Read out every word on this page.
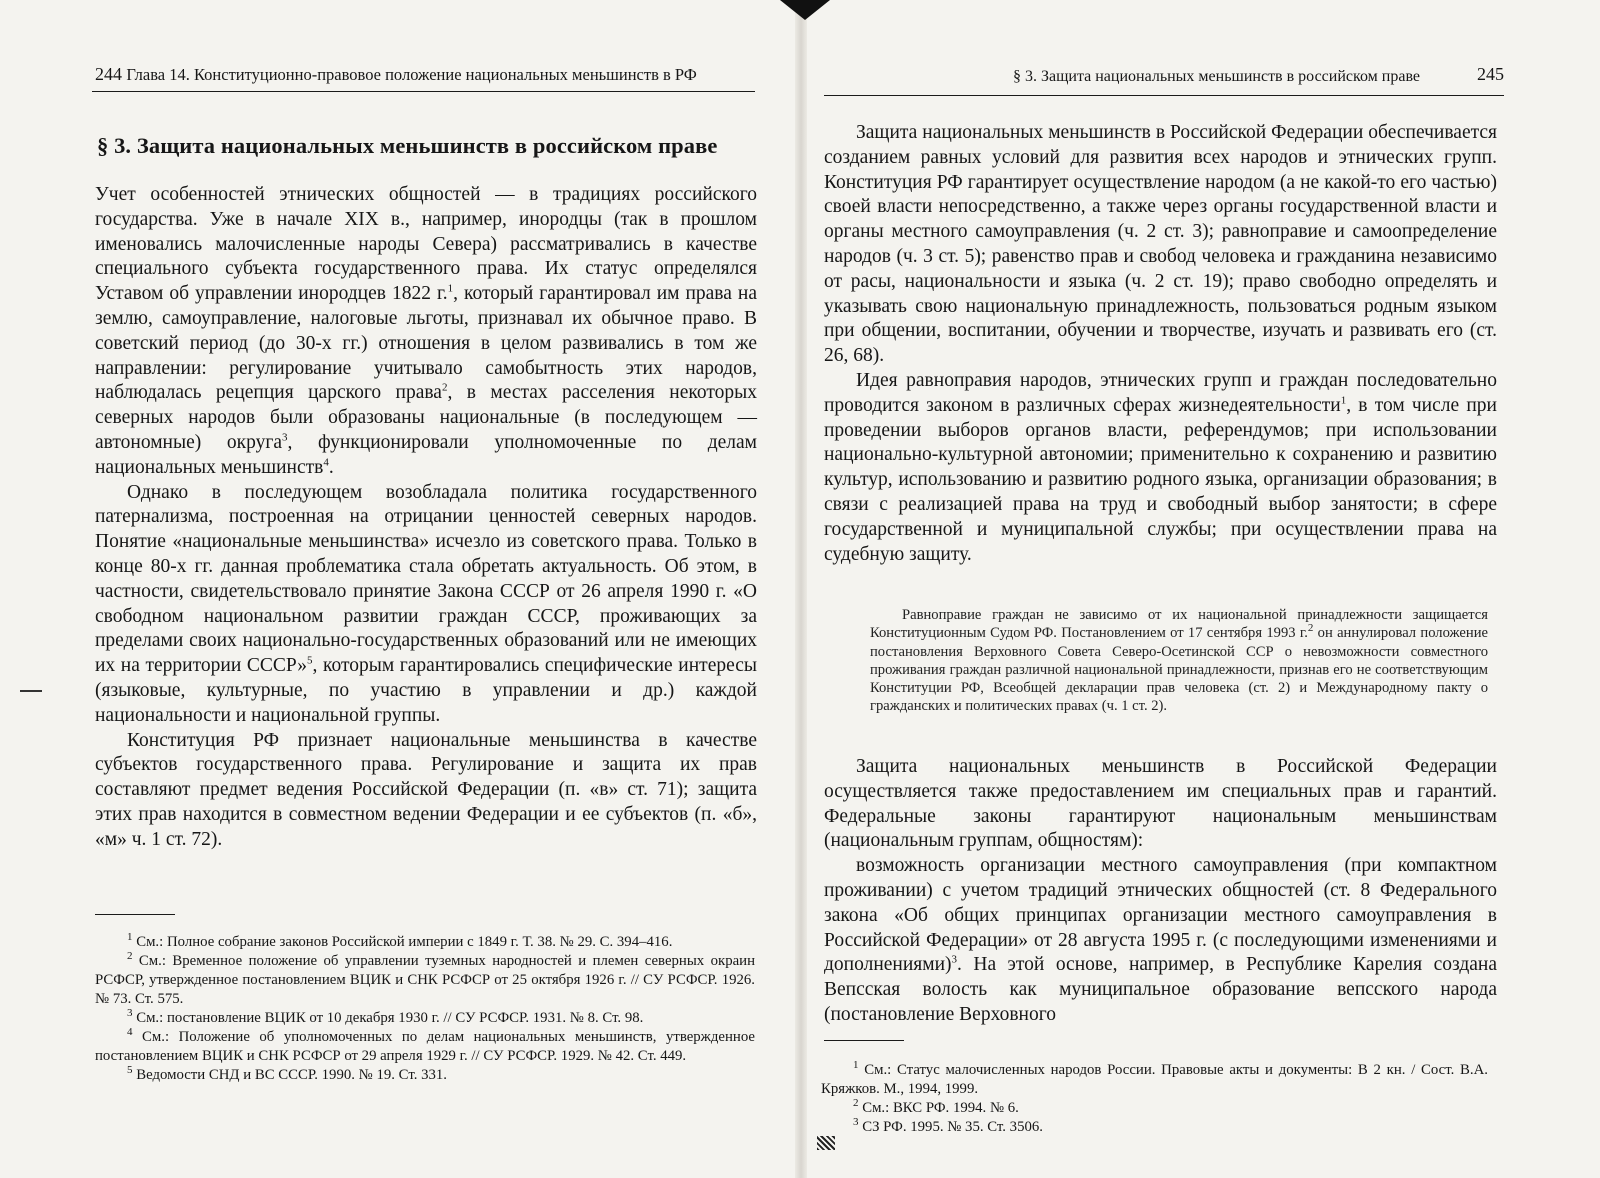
244 Глава 14. Конституционно-правовое положение национальных меньшинств в РФ
§ 3. Защита национальных меньшинств в российском праве

Учет особенностей этнических общностей — в традициях российского государства. Уже в начале XIX в., например, инородцы (так в прошлом именовались малочисленные народы Севера) рассматривались в качестве специального субъекта государственного права. Их статус определялся Уставом об управлении инородцев 1822 г.$^1$, который гарантировал им права на землю, самоуправление, налоговые льготы, признавал их обычное право. В советский период (до 30-х гг.) отношения в целом развивались в том же направлении: регулирование учитывало самобытность этих народов, наблюдалась рецепция царского права$^2$, в местах расселения некоторых северных народов были образованы национальные (в последующем — автономные) округа$^3$, функционировали уполномоченные по делам национальных меньшинств$^4$.

Однако в последующем возобладала политика государственного патернализма, построенная на отрицании ценностей северных народов. Понятие «национальные меньшинства» исчезло из советского права. Только в конце 80-х гг. данная проблематика стала обретать актуальность. Об этом, в частности, свидетельствовало принятие Закона СССР от 26 апреля 1990 г. «О свободном национальном развитии граждан СССР, проживающих за пределами своих национально-государственных образований или не имеющих их на территории СССР»$^5$, которым гарантировались специфические интересы (языковые, культурные, по участию в управлении и др.) каждой национальности и национальной группы.

Конституция РФ признает национальные меньшинства в качестве субъектов государственного права. Регулирование и защита их прав составляют предмет ведения Российской Федерации (п. «в» ст. 71); защита этих прав находится в совместном ведении Федерации и ее субъектов (п. «б», «м» ч. 1 ст. 72).

$^1$ См.: Полное собрание законов Российской империи с 1849 г. Т. 38. № 29. С. 394–416.

$^2$ См.: Временное положение об управлении туземных народностей и племен северных окраин РСФСР, утвержденное постановлением ВЦИК и СНК РСФСР от 25 октября 1926 г. // СУ РСФСР. 1926. № 73. Ст. 575.

$^3$ См.: постановление ВЦИК от 10 декабря 1930 г. // СУ РСФСР. 1931. № 8. Ст. 98.

$^4$ См.: Положение об уполномоченных по делам национальных меньшинств, утвержденное постановлением ВЦИК и СНК РСФСР от 29 апреля 1929 г. // СУ РСФСР. 1929. № 42. Ст. 449.

$^5$ Ведомости СНД и ВС СССР. 1990. № 19. Ст. 331.

§ 3. Защита национальных меньшинств в российском праве	245

Защита национальных меньшинств в Российской Федерации обеспечивается созданием равных условий для развития всех народов и этнических групп. Конституция РФ гарантирует осуществление народом (а не какой-то его частью) своей власти непосредственно, а также через органы государственной власти и органы местного самоуправления (ч. 2 ст. 3); равноправие и самоопределение народов (ч. 3 ст. 5); равенство прав и свобод человека и гражданина независимо от расы, национальности и языка (ч. 2 ст. 19); право свободно определять и указывать свою национальную принадлежность, пользоваться родным языком при общении, воспитании, обучении и творчестве, изучать и развивать его (ст. 26, 68).

Идея равноправия народов, этнических групп и граждан последовательно проводится законом в различных сферах жизнедеятельности$^1$, в том числе при проведении выборов органов власти, референдумов; при использовании национально-культурной автономии; применительно к сохранению и развитию культур, использованию и развитию родного языка, организации образования; в связи с реализацией права на труд и свободный выбор занятости; в сфере государственной и муниципальной службы; при осуществлении права на судебную защиту.

Равноправие граждан не зависимо от их национальной принадлежности защищается Конституционным Судом РФ. Постановлением от 17 сентября 1993 г.$^2$ он аннулировал положение постановления Верховного Совета Северо-Осетинской ССР о невозможности совместного проживания граждан различной национальной принадлежности, признав его не соответствующим Конституции РФ, Всеобщей декларации прав человека (ст. 2) и Международному пакту о гражданских и политических правах (ч. 1 ст. 2).

Защита национальных меньшинств в Российской Федерации осуществляется также предоставлением им специальных прав и гарантий. Федеральные законы гарантируют национальным меньшинствам (национальным группам, общностям):

возможность организации местного самоуправления (при компактном проживании) с учетом традиций этнических общностей (ст. 8 Федерального закона «Об общих принципах организации местного самоуправления в Российской Федерации» от 28 августа 1995 г. (с последующими изменениями и дополнениями)$^3$. На этой основе, например, в Республике Карелия создана Вепсская волость как муниципальное образование вепсского народа (постановление Верховного

$^1$ См.: Статус малочисленных народов России. Правовые акты и документы: В 2 кн. / Сост. В.А. Кряжков. М., 1994, 1999.

$^2$ См.: ВКС РФ. 1994. № 6.

$^3$ СЗ РФ. 1995. № 35. Ст. 3506.
